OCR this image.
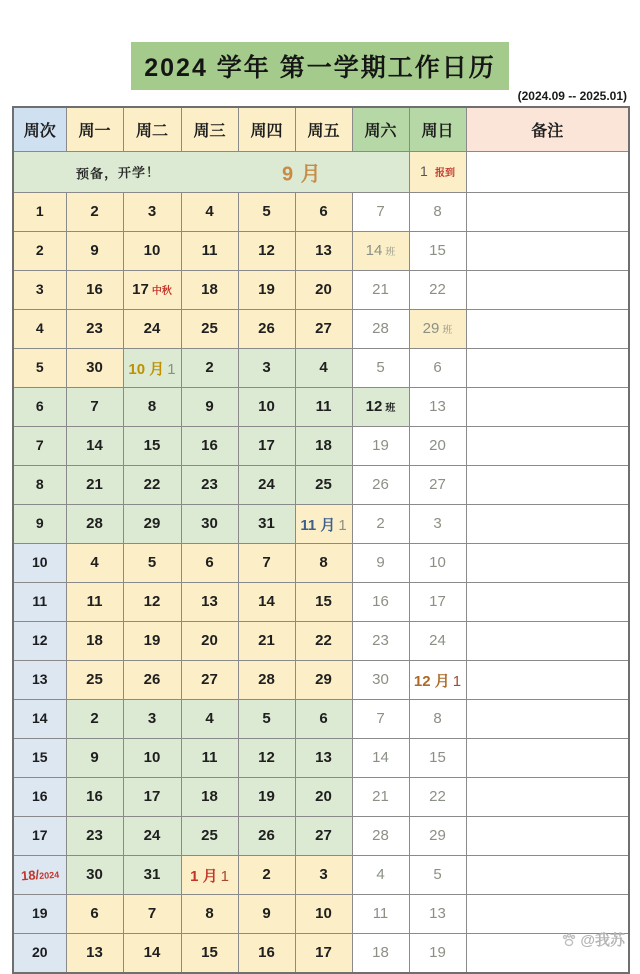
2024 学年 第一学期工作日历
(2024.09 -- 2025.01)
周次	周一	周二	周三	周四	周五	周六	周日	备注

预备，开学！ 9 月							1 报到	
1	2	3	4	5	6	7	8	
2	9	10	11	12	13	14 班	15	
3	16	17 中秋	18	19	20	21	22	
4	23	24	25	26	27	28	29 班	
5	30	10 月 1	2	3	4	5	6	
6	7	8	9	10	11	12 班	13	
7	14	15	16	17	18	19	20	
8	21	22	23	24	25	26	27	
9	28	29	30	31	11 月 1	2	3	
10	4	5	6	7	8	9	10	
11	11	12	13	14	15	16	17	
12	18	19	20	21	22	23	24	
13	25	26	27	28	29	30	12 月 1	
14	2	3	4	5	6	7	8	
15	9	10	11	12	13	14	15	
16	16	17	18	19	20	21	22	
17	23	24	25	26	27	28	29	
18/2024	30	31	1 月 1	2	3	4	5	
19	6	7	8	9	10	11	13	
20	13	14	15	16	17	18	19	
@我苏
